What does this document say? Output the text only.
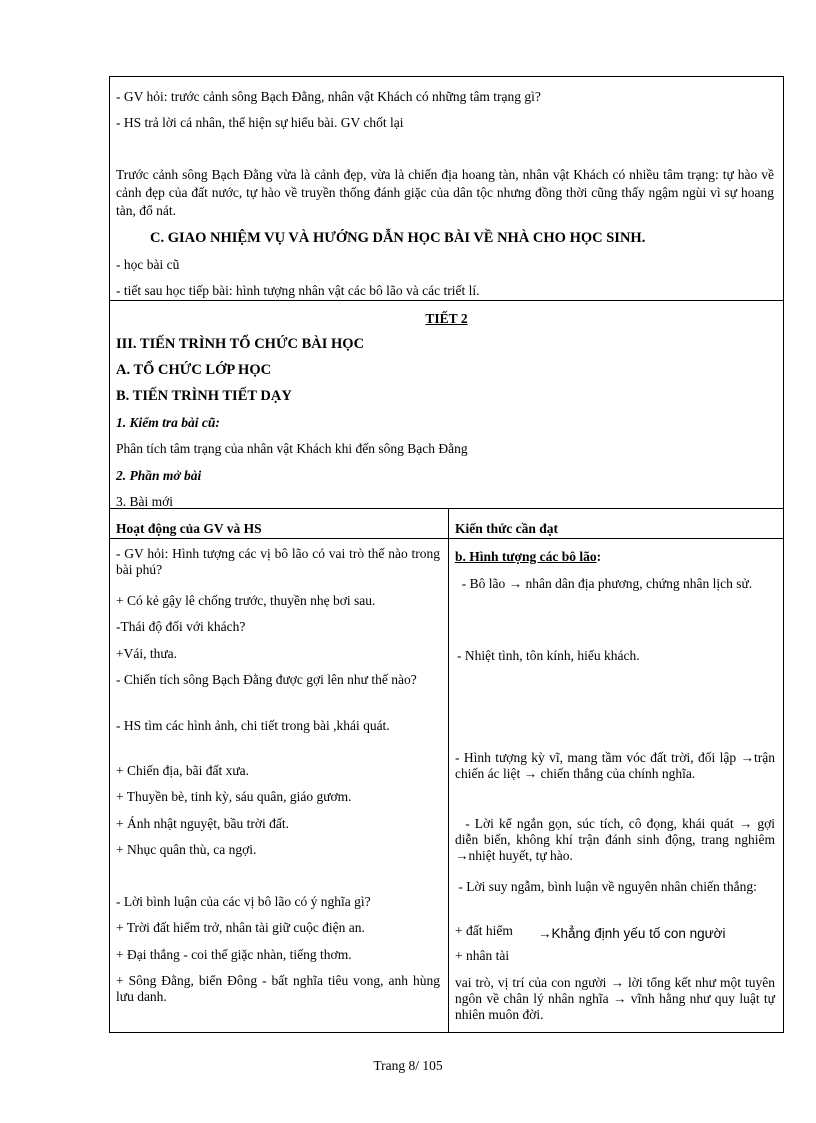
- GV hỏi: trước cảnh sông Bạch Đằng, nhân vật Khách có những tâm trạng gì?
- HS trả lời cá nhân, thể hiện sự hiểu bài. GV chốt lại
Trước cảnh sông Bạch Đằng vừa là cảnh đẹp, vừa là chiến địa hoang tàn, nhân vật Khách có nhiều tâm trạng: tự hào về cảnh đẹp của đất nước, tự hào về truyền thống đánh giặc của dân tộc nhưng đồng thời cũng thấy ngậm ngùi vì sự hoang tàn, đổ nát.
C. GIAO NHIỆM VỤ VÀ HƯỚNG DẪN HỌC BÀI VỀ NHÀ CHO HỌC SINH.
- học bài cũ
- tiết sau học tiếp bài: hình tượng nhân vật các bô lão và các triết lí.
TIẾT 2
III. TIẾN TRÌNH TỔ CHỨC BÀI HỌC
A. TỔ CHỨC LỚP HỌC
B. TIẾN TRÌNH TIẾT DẠY
1. Kiểm tra bài cũ:
Phân tích tâm trạng của nhân vật Khách khi đến sông Bạch Đằng
2. Phần mở bài
3. Bài mới
Hoạt động của GV và HS	Kiến thức cần đạt
- GV hỏi: Hình tượng các vị bô lão có vai trò thế nào trong bài phú?
+ Có kẻ gậy lê chống trước, thuyền nhẹ bơi sau.
-Thái độ đối với khách?
+Vái, thưa.
- Chiến tích sông Bạch Đằng được gợi lên như thế nào?
- HS tìm các hình ảnh, chi tiết trong bài ,khái quát.
+ Chiến địa, bãi đất xưa.
+ Thuyền bè, tinh kỳ, sáu quân, giáo gươm.
+ Ánh nhật nguyệt, bầu trời đất.
+ Nhục quân thù, ca ngợi.
- Lời bình luận của các vị bô lão có ý nghĩa gì?
+ Trời đất hiểm trở, nhân tài giữ cuộc điện an.
+ Đại thắng - coi thế giặc nhàn, tiếng thơm.
+ Sông Đằng, biển Đông - bất nghĩa tiêu vong, anh hùng lưu danh.
b. Hình tượng các bô lão:
- Bô lão → nhân dân địa phương, chứng nhân lịch sử.
- Nhiệt tình, tôn kính, hiếu khách.
- Hình tượng kỳ vĩ, mang tầm vóc đất trời, đối lập →trận chiến ác liệt → chiến thắng của chính nghĩa.
- Lời kể ngắn gọn, súc tích, cô đọng, khái quát → gợi diễn biến, không khí trận đánh sinh động, trang nghiêm →nhiệt huyết, tự hào.
- Lời suy ngẫm, bình luận về nguyên nhân chiến thắng:
+ đất hiểm →Khẳng định yếu tố con người
+ nhân tài
vai trò, vị trí của con người → lời tổng kết như một tuyên ngôn về chân lý nhân nghĩa → vĩnh hằng như quy luật tự nhiên muôn đời.
Trang 8/ 105
